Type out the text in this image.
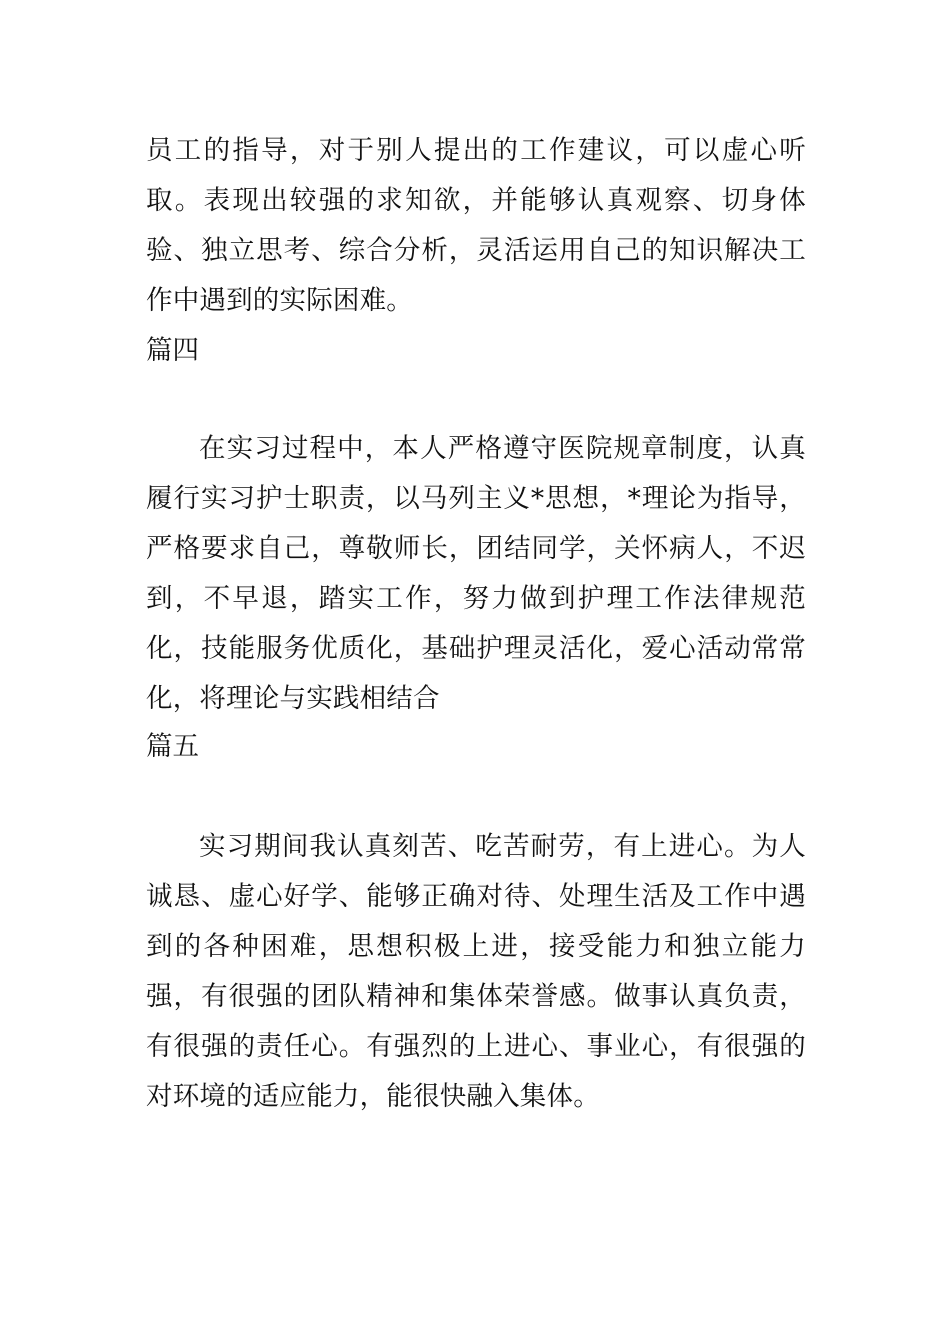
员工的指导，对于别人提出的工作建议，可以虚心听取。表现出较强的求知欲，并能够认真观察、切身体验、独立思考、综合分析，灵活运用自己的知识解决工作中遇到的实际困难。

篇四

在实习过程中，本人严格遵守医院规章制度，认真履行实习护士职责，以马列主义*思想，*理论为指导，严格要求自己，尊敬师长，团结同学，关怀病人，不迟到，不早退，踏实工作，努力做到护理工作法律规范化，技能服务优质化，基础护理灵活化，爱心活动常常化，将理论与实践相结合

篇五

实习期间我认真刻苦、吃苦耐劳，有上进心。为人诚恳、虚心好学、能够正确对待、处理生活及工作中遇到的各种困难，思想积极上进，接受能力和独立能力强，有很强的团队精神和集体荣誉感。做事认真负责，有很强的责任心。有强烈的上进心、事业心，有很强的对环境的适应能力，能很快融入集体。
